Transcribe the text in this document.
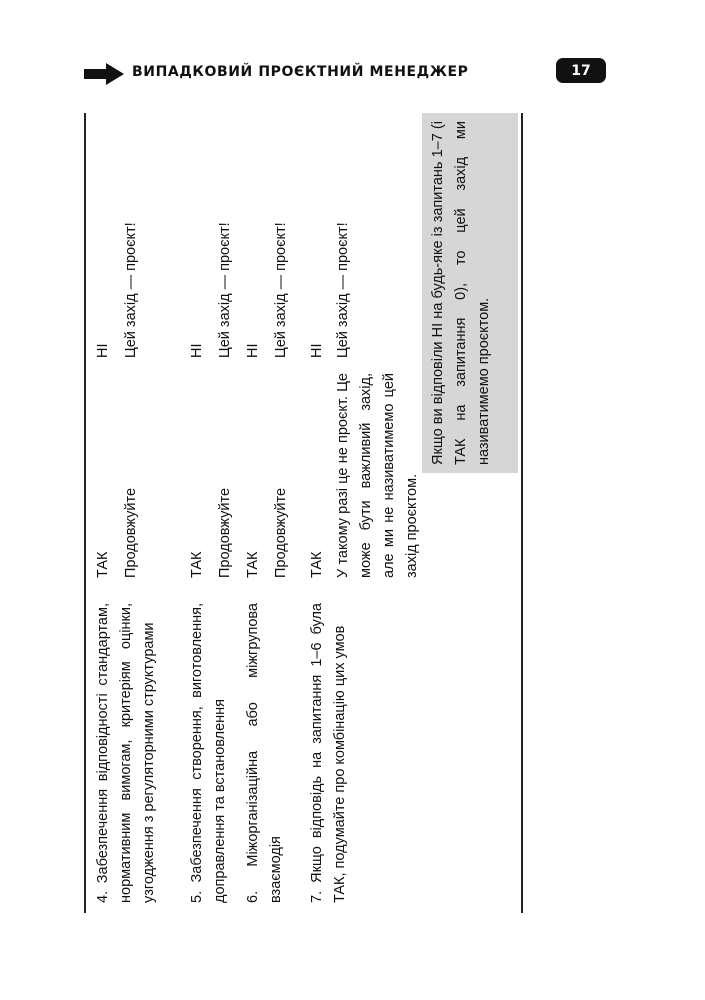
ВИПАДКОВИЙ ПРОЄКТНИЙ МЕНЕДЖЕР	17
4. Забезпечення відповідності стандартам, нормативним вимогам, критеріям оцінки, узгодження з регуляторними структурами
ТАК
НІ
Продовжуйте
Цей захід — проєкт!
5. Забезпечення створення, виготовлення, доправлення та встановлення
ТАК
НІ
Продовжуйте
Цей захід — проєкт!
6. Міжорганізаційна або міжгрупова взаємодія
ТАК
НІ
Продовжуйте
Цей захід — проєкт!
7. Якщо відповідь на запитання 1–6 була ТАК, подумайте про комбінацію цих умов
ТАК
НІ
У такому разі це не проєкт. Це може бути важливий захід, але ми не називатимемо цей захід проєктом.
Цей захід — проєкт!	Якщо ви відповіли НІ на будь-яке із запитань 1–7 (і ТАК на запитання 0), то цей захід ми називатимемо проєктом.
